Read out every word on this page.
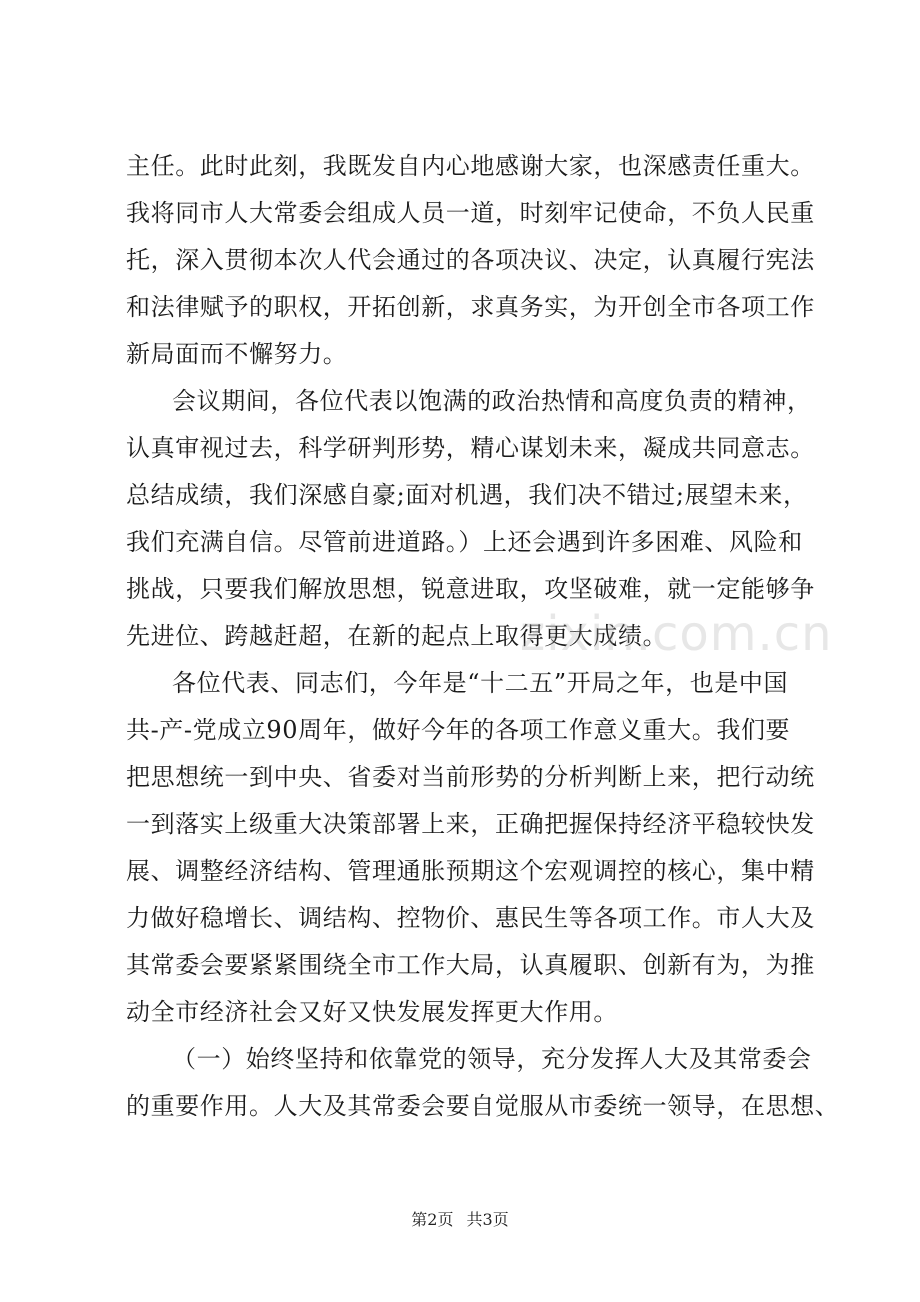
主任。此时此刻，我既发自内心地感谢大家，也深感责任重大。
我将同市人大常委会组成人员一道，时刻牢记使命，不负人民重
托，深入贯彻本次人代会通过的各项决议、决定，认真履行宪法
和法律赋予的职权，开拓创新，求真务实，为开创全市各项工作
新局面而不懈努力。
会议期间，各位代表以饱满的政治热情和高度负责的精神，
认真审视过去，科学研判形势，精心谋划未来，凝成共同意志。
总结成绩，我们深感自豪;面对机遇，我们决不错过;展望未来，
我们充满自信。尽管前进道路。）上还会遇到许多困难、风险和
挑战，只要我们解放思想，锐意进取，攻坚破难，就一定能够争
先进位、跨越赶超，在新的起点上取得更大成绩。
各位代表、同志们，今年是“十二五”开局之年，也是中国
共-产-党成立90周年，做好今年的各项工作意义重大。我们要
把思想统一到中央、省委对当前形势的分析判断上来，把行动统
一到落实上级重大决策部署上来，正确把握保持经济平稳较快发
展、调整经济结构、管理通胀预期这个宏观调控的核心，集中精
力做好稳增长、调结构、控物价、惠民生等各项工作。市人大及
其常委会要紧紧围绕全市工作大局，认真履职、创新有为，为推
动全市经济社会又好又快发展发挥更大作用。
（一）始终坚持和依靠党的领导，充分发挥人大及其常委会
的重要作用。人大及其常委会要自觉服从市委统一领导，在思想、
zixin.com.cn
第2页 共3页
